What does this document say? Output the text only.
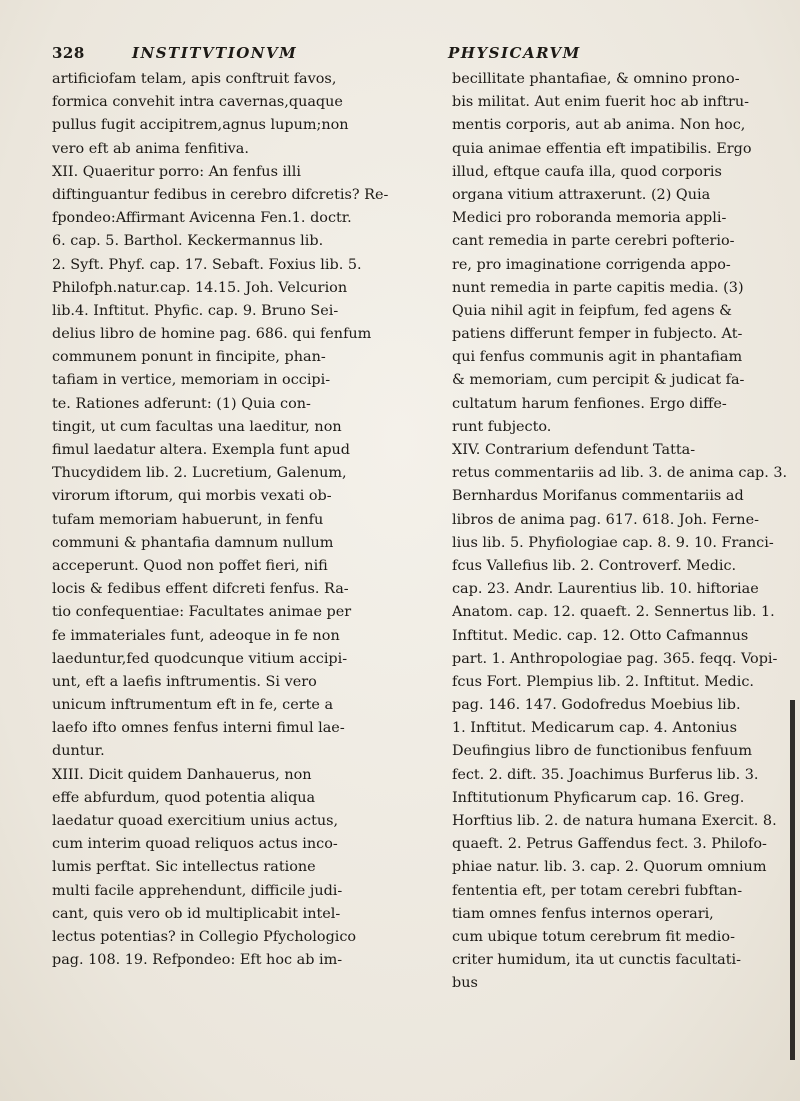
328	INSTITVTIONVM	PHYSICARVM
artificiofam telam, apis conftruit favos,
formica convehit intra cavernas,quaque
pullus fugit accipitrem,agnus lupum;non
vero eft ab anima fenfitiva.
XII. Quaeritur porro: An fenfus illi
diftinguantur fedibus in cerebro difcretis? Re-
fpondeo:Affirmant Avicenna Fen.1. doctr.
6. cap. 5. Barthol. Keckermannus lib.
2. Syft. Phyf. cap. 17. Sebaft. Foxius lib. 5.
Philofph.natur.cap. 14.15. Joh. Velcurion
lib.4. Inftitut. Phyfic. cap. 9. Bruno Sei-
delius libro de homine pag. 686. qui fenfum
communem ponunt in fincipite, phan-
tafiam in vertice, memoriam in occipi-
te. Rationes adferunt: (1) Quia con-
tingit, ut cum facultas una laeditur, non
fimul laedatur altera. Exempla funt apud
Thucydidem lib. 2. Lucretium, Galenum,
virorum iftorum, qui morbis vexati ob-
tufam memoriam habuerunt, in fenfu
communi & phantafia damnum nullum
acceperunt. Quod non poffet fieri, nifi
locis & fedibus effent difcreti fenfus. Ra-
tio confequentiae: Facultates animae per
fe immateriales funt, adeoque in fe non
laeduntur,fed quodcunque vitium accipi-
unt, eft a laefis inftrumentis. Si vero
unicum inftrumentum eft in fe, certe a
laefo ifto omnes fenfus interni fimul lae-
duntur.
XIII. Dicit quidem Danhauerus, non
effe abfurdum, quod potentia aliqua
laedatur quoad exercitium unius actus,
cum interim quoad reliquos actus inco-
lumis perftat. Sic intellectus ratione
multi facile apprehendunt, difficile judi-
cant, quis vero ob id multiplicabit intel-
lectus potentias? in Collegio Pfychologico
pag. 108. 19. Refpondeo: Eft hoc ab im-
becillitate phantafiae, & omnino prono-
bis militat. Aut enim fuerit hoc ab inftru-
mentis corporis, aut ab anima. Non hoc,
quia animae effentia eft impatibilis. Ergo
illud, eftque caufa illa, quod corporis
organa vitium attraxerunt. (2) Quia
Medici pro roboranda memoria appli-
cant remedia in parte cerebri pofterio-
re, pro imaginatione corrigenda appo-
nunt remedia in parte capitis media. (3)
Quia nihil agit in feipfum, fed agens &
patiens differunt femper in fubjecto. At-
qui fenfus communis agit in phantafiam
& memoriam, cum percipit & judicat fa-
cultatum harum fenfiones. Ergo diffe-
runt fubjecto.
XIV. Contrarium defendunt Tatta-
retus commentariis ad lib. 3. de anima cap. 3.
Bernhardus Morifanus commentariis ad
libros de anima pag. 617. 618. Joh. Ferne-
lius lib. 5. Phyfiologiae cap. 8. 9. 10. Franci-
fcus Vallefius lib. 2. Controverf. Medic.
cap. 23. Andr. Laurentius lib. 10. hiftoriae
Anatom. cap. 12. quaeft. 2. Sennertus lib. 1.
Inftitut. Medic. cap. 12. Otto Cafmannus
part. 1. Anthropologiae pag. 365. feqq. Vopi-
fcus Fort. Plempius lib. 2. Inftitut. Medic.
pag. 146. 147. Godofredus Moebius lib.
1. Inftitut. Medicarum cap. 4. Antonius
Deufingius libro de functionibus fenfuum
fect. 2. dift. 35. Joachimus Burferus lib. 3.
Inftitutionum Phyficarum cap. 16. Greg.
Horftius lib. 2. de natura humana Exercit. 8.
quaeft. 2. Petrus Gaffendus fect. 3. Philofo-
phiae natur. lib. 3. cap. 2. Quorum omnium
fententia eft, per totam cerebri fubftan-
tiam omnes fenfus internos operari,
cum ubique totum cerebrum fit medio-
criter humidum, ita ut cunctis facultati-
bus
